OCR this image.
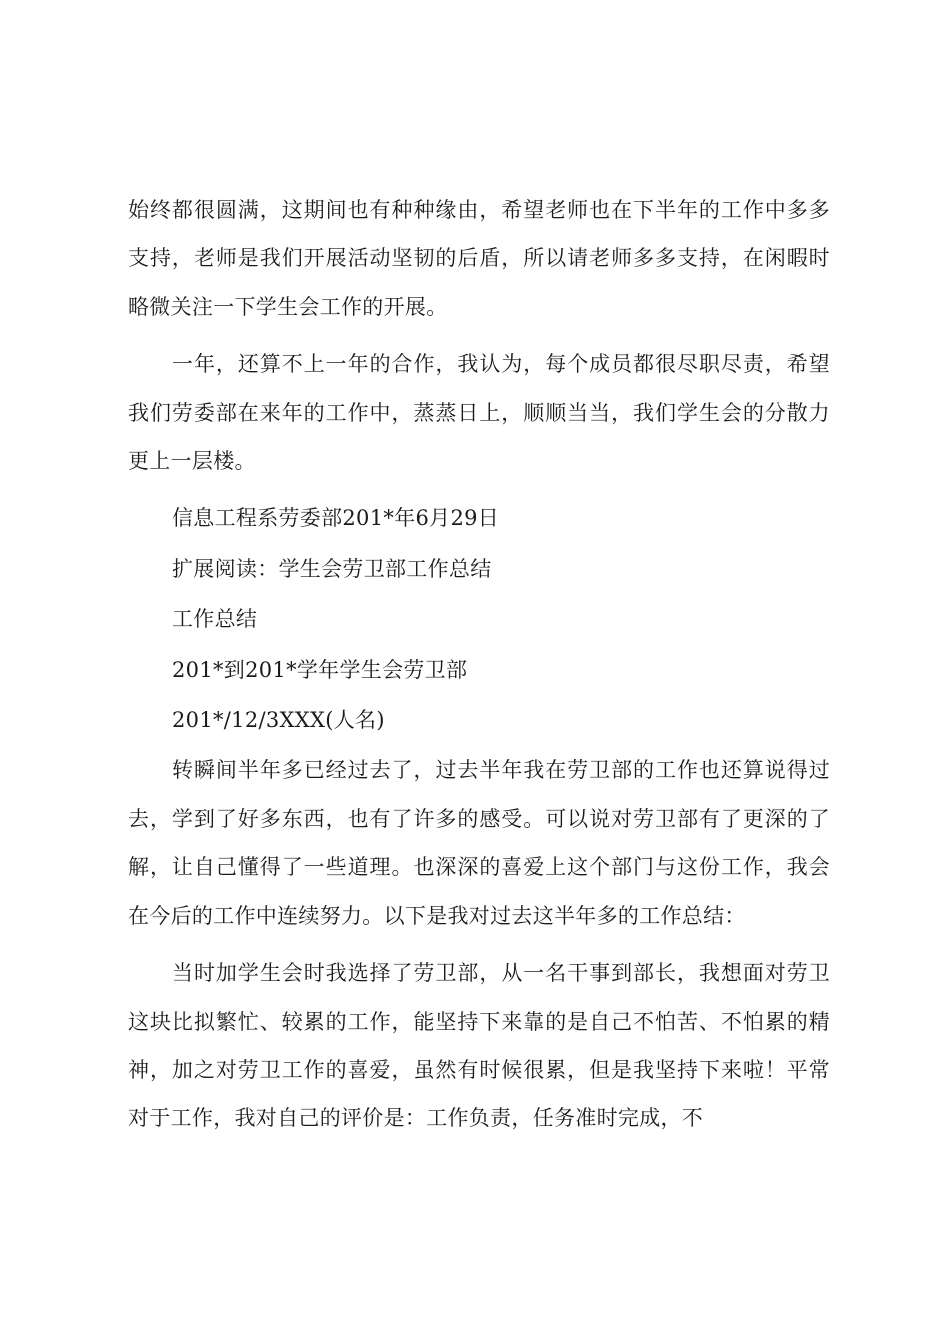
始终都很圆满，这期间也有种种缘由，希望老师也在下半年的工作中多多支持，老师是我们开展活动坚韧的后盾，所以请老师多多支持，在闲暇时略微关注一下学生会工作的开展。

一年，还算不上一年的合作，我认为，每个成员都很尽职尽责，希望我们劳委部在来年的工作中，蒸蒸日上，顺顺当当，我们学生会的分散力更上一层楼。

信息工程系劳委部201*年6月29日

扩展阅读：学生会劳卫部工作总结

工作总结

201*到201*学年学生会劳卫部

201*/12/3XXX(人名)

转瞬间半年多已经过去了，过去半年我在劳卫部的工作也还算说得过去，学到了好多东西，也有了许多的感受。可以说对劳卫部有了更深的了解，让自己懂得了一些道理。也深深的喜爱上这个部门与这份工作，我会在今后的工作中连续努力。以下是我对过去这半年多的工作总结：

当时加学生会时我选择了劳卫部，从一名干事到部长，我想面对劳卫这块比拟繁忙、较累的工作，能坚持下来靠的是自己不怕苦、不怕累的精神，加之对劳卫工作的喜爱，虽然有时候很累，但是我坚持下来啦！平常对于工作，我对自己的评价是：工作负责，任务准时完成，不
